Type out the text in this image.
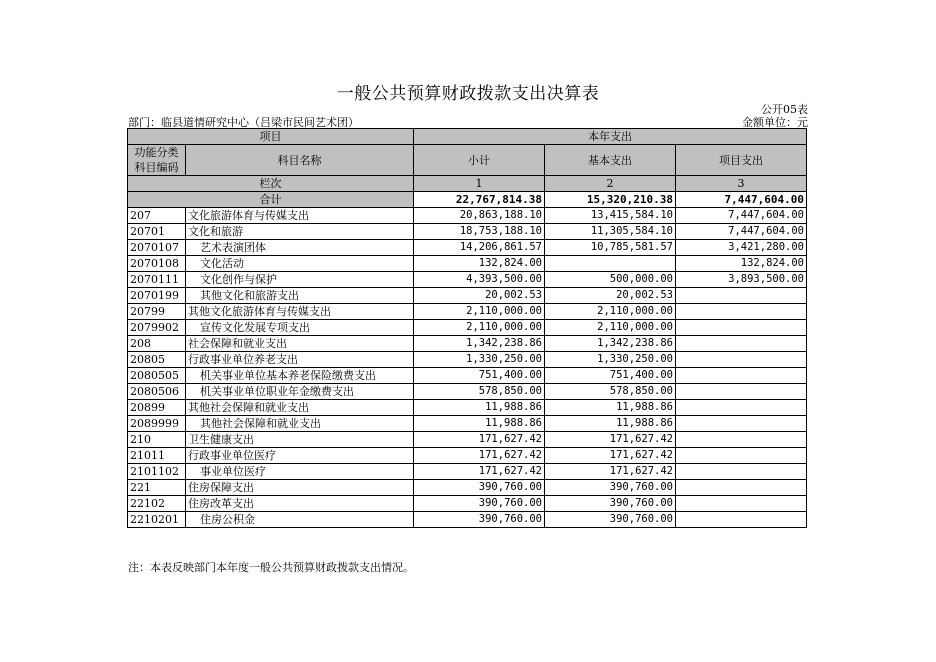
一般公共预算财政拨款支出决算表
公开05表
部门：临县道情研究中心（吕梁市民间艺术团）	金额单位：元
项目		本年支出		

功能分类
科目编码	科目名称	小计	基本支出	项目支出
栏次		1	2	3
合计		22,767,814.38	15,320,210.38	7,447,604.00
207	文化旅游体育与传媒支出	20,863,188.10	13,415,584.10	7,447,604.00
20701	文化和旅游	18,753,188.10	11,305,584.10	7,447,604.00
2070107	艺术表演团体	14,206,861.57	10,785,581.57	3,421,280.00
2070108	文化活动	132,824.00		132,824.00
2070111	文化创作与保护	4,393,500.00	500,000.00	3,893,500.00
2070199	其他文化和旅游支出	20,002.53	20,002.53	
20799	其他文化旅游体育与传媒支出	2,110,000.00	2,110,000.00	
2079902	宣传文化发展专项支出	2,110,000.00	2,110,000.00	
208	社会保障和就业支出	1,342,238.86	1,342,238.86	
20805	行政事业单位养老支出	1,330,250.00	1,330,250.00	
2080505	机关事业单位基本养老保险缴费支出	751,400.00	751,400.00	
2080506	机关事业单位职业年金缴费支出	578,850.00	578,850.00	
20899	其他社会保障和就业支出	11,988.86	11,988.86	
2089999	其他社会保障和就业支出	11,988.86	11,988.86	
210	卫生健康支出	171,627.42	171,627.42	
21011	行政事业单位医疗	171,627.42	171,627.42	
2101102	事业单位医疗	171,627.42	171,627.42	
221	住房保障支出	390,760.00	390,760.00	
22102	住房改革支出	390,760.00	390,760.00	
2210201	住房公积金	390,760.00	390,760.00	
注：本表反映部门本年度一般公共预算财政拨款支出情况。
